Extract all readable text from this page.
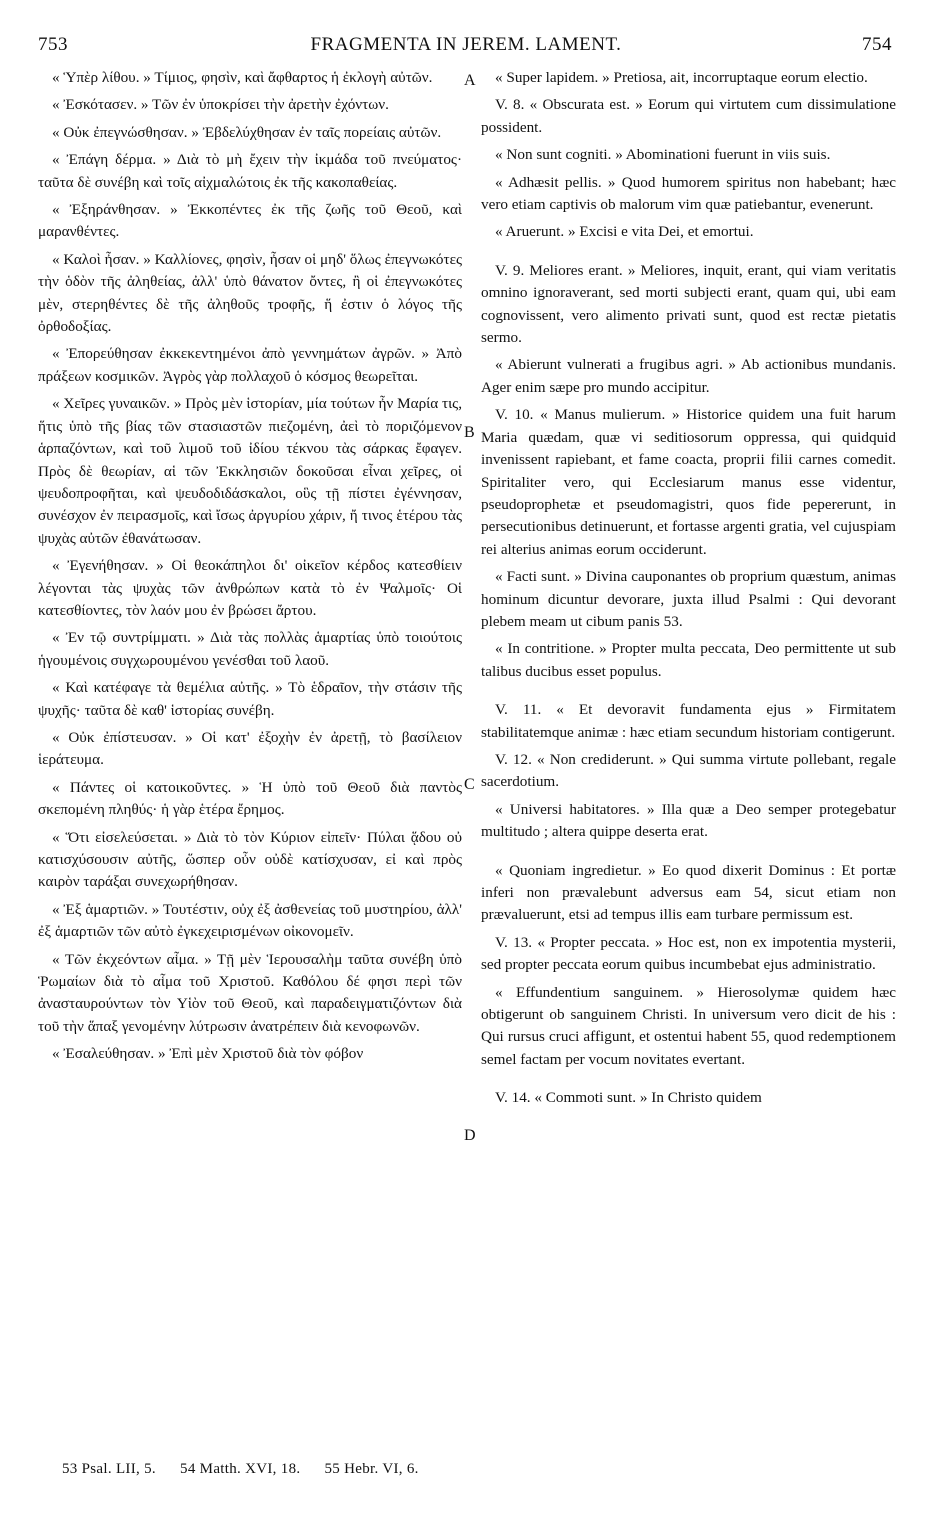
753	FRAGMENTA IN JEREM. LAMENT.	754

« Ὑπὲρ λίθου. » Τίμιος, φησὶν, καὶ ἄφθαρτος ἡ ἐκλογὴ αὐτῶν.

« Ἐσκότασεν. » Τῶν ἐν ὑποκρίσει τὴν ἀρετὴν ἐχόντων.

« Οὐκ ἐπεγνώσθησαν. » Ἐβδελύχθησαν ἐν ταῖς πορείαις αὐτῶν.

« Ἐπάγη δέρμα. » Διὰ τὸ μὴ ἔχειν τὴν ἰκμάδα τοῦ πνεύματος· ταῦτα δὲ συνέβη καὶ τοῖς αἰχμαλώτοις ἐκ τῆς κακοπαθείας.

« Ἐξηράνθησαν. » Ἐκκοπέντες ἐκ τῆς ζωῆς τοῦ Θεοῦ, καὶ μαρανθέντες.

« Καλοὶ ἦσαν. » Καλλίονες, φησὶν, ἦσαν οἱ μηδ' ὅλως ἐπεγνωκότες τὴν ὁδὸν τῆς ἀληθείας, ἀλλ' ὑπὸ θάνατον ὄντες, ἢ οἱ ἐπεγνωκότες μὲν, στερηθέντες δὲ τῆς ἀληθοῦς τροφῆς, ἥ ἐστιν ὁ λόγος τῆς ὀρθοδοξίας.

« Ἐπορεύθησαν ἐκκεκεντημένοι ἀπὸ γεννημάτων ἀγρῶν. » Ἀπὸ πράξεων κοσμικῶν. Ἀγρὸς γὰρ πολλαχοῦ ὁ κόσμος θεωρεῖται.

« Χεῖρες γυναικῶν. » Πρὸς μὲν ἱστορίαν, μία τούτων ἦν Μαρία τις, ἥτις ὑπὸ τῆς βίας τῶν στασιαστῶν πιεζομένη, ἀεὶ τὸ ποριζόμενον ἁρπαζόντων, καὶ τοῦ λιμοῦ τοῦ ἰδίου τέκνου τὰς σάρκας ἔφαγεν. Πρὸς δὲ θεωρίαν, αἱ τῶν Ἐκκλησιῶν δοκοῦσαι εἶναι χεῖρες, οἱ ψευδοπροφῆται, καὶ ψευδοδιδάσκαλοι, οὓς τῇ πίστει ἐγέννησαν, συνέσχον ἐν πειρασμοῖς, καὶ ἴσως ἀργυρίου χάριν, ἤ τινος ἑτέρου τὰς ψυχὰς αὐτῶν ἐθανάτωσαν.

« Ἐγενήθησαν. » Οἱ θεοκάπηλοι δι' οἰκεῖον κέρδος κατεσθίειν λέγονται τὰς ψυχὰς τῶν ἀνθρώπων κατὰ τὸ ἐν Ψαλμοῖς· Οἱ κατεσθίοντες, τὸν λαόν μου ἐν βρώσει ἄρτου.

« Ἐν τῷ συντρίμματι. » Διὰ τὰς πολλὰς ἁμαρτίας ὑπὸ τοιούτοις ἡγουμένοις συγχωρουμένου γενέσθαι τοῦ λαοῦ.

« Καὶ κατέφαγε τὰ θεμέλια αὐτῆς. » Τὸ ἑδραῖον, τὴν στάσιν τῆς ψυχῆς· ταῦτα δὲ καθ' ἱστορίας συνέβη.

« Οὐκ ἐπίστευσαν. » Οἱ κατ' ἐξοχὴν ἐν ἀρετῇ, τὸ βασίλειον ἱεράτευμα.

« Πάντες οἱ κατοικοῦντες. » Ἡ ὑπὸ τοῦ Θεοῦ διὰ παντὸς σκεπομένη πληθύς· ἡ γὰρ ἑτέρα ἔρημος.

« Ὅτι εἰσελεύσεται. » Διὰ τὸ τὸν Κύριον εἰπεῖν· Πύλαι ᾅδου οὐ κατισχύσουσιν αὐτῆς, ὥσπερ οὖν οὐδὲ κατίσχυσαν, εἰ καὶ πρὸς καιρὸν ταράξαι συνεχωρήθησαν.

« Ἐξ ἁμαρτιῶν. » Τουτέστιν, οὐχ ἐξ ἀσθενείας τοῦ μυστηρίου, ἀλλ' ἐξ ἁμαρτιῶν τῶν αὐτὸ ἐγκεχειρισμένων οἰκονομεῖν.

« Τῶν ἐκχεόντων αἷμα. » Τῇ μὲν Ἱερουσαλὴμ ταῦτα συνέβη ὑπὸ Ῥωμαίων διὰ τὸ αἷμα τοῦ Χριστοῦ. Καθόλου δέ φησι περὶ τῶν ἀνασταυρούντων τὸν Υἱὸν τοῦ Θεοῦ, καὶ παραδειγματιζόντων διὰ τοῦ τὴν ἅπαξ γενομένην λύτρωσιν ἀνατρέπειν διὰ κενοφωνῶν.

« Ἐσαλεύθησαν. » Ἐπὶ μὲν Χριστοῦ διὰ τὸν φόβον

A
B
C
D

« Super lapidem. » Pretiosa, ait, incorruptaque eorum electio.

V. 8. « Obscurata est. » Eorum qui virtutem cum dissimulatione possident.

« Non sunt cogniti. » Abominationi fuerunt in viis suis.

« Adhæsit pellis. » Quod humorem spiritus non habebant; hæc vero etiam captivis ob malorum vim quæ patiebantur, evenerunt.

« Aruerunt. » Excisi e vita Dei, et emortui.

V. 9. Meliores erant. » Meliores, inquit, erant, qui viam veritatis omnino ignoraverant, sed morti subjecti erant, quam qui, ubi eam cognovissent, vero alimento privati sunt, quod est rectæ pietatis sermo.

« Abierunt vulnerati a frugibus agri. » Ab actionibus mundanis. Ager enim sæpe pro mundo accipitur.

V. 10. « Manus mulierum. » Historice quidem una fuit harum Maria quædam, quæ vi seditiosorum oppressa, qui quidquid invenissent rapiebant, et fame coacta, proprii filii carnes comedit. Spiritaliter vero, qui Ecclesiarum manus esse videntur, pseudoprophetæ et pseudomagistri, quos fide pepererunt, in persecutionibus detinuerunt, et fortasse argenti gratia, vel cujuspiam rei alterius animas eorum occiderunt.

« Facti sunt. » Divina cauponantes ob proprium quæstum, animas hominum dicuntur devorare, juxta illud Psalmi : Qui devorant plebem meam ut cibum panis 53.

« In contritione. » Propter multa peccata, Deo permittente ut sub talibus ducibus esset populus.

V. 11. « Et devoravit fundamenta ejus » Firmitatem stabilitatemque animæ : hæc etiam secundum historiam contigerunt.

V. 12. « Non crediderunt. » Qui summa virtute pollebant, regale sacerdotium.

« Universi habitatores. » Illa quæ a Deo semper protegebatur multitudo ; altera quippe deserta erat.

« Quoniam ingredietur. » Eo quod dixerit Dominus : Et portæ inferi non prævalebunt adversus eam 54, sicut etiam non prævaluerunt, etsi ad tempus illis eam turbare permissum est.

V. 13. « Propter peccata. » Hoc est, non ex impotentia mysterii, sed propter peccata eorum quibus incumbebat ejus administratio.

« Effundentium sanguinem. » Hierosolymæ quidem hæc obtigerunt ob sanguinem Christi. In universum vero dicit de his : Qui rursus cruci affigunt, et ostentui habent 55, quod redemptionem semel factam per vocum novitates evertant.

V. 14. « Commoti sunt. » In Christo quidem

53 Psal. LII, 5. 54 Matth. XVI, 18. 55 Hebr. VI, 6.
